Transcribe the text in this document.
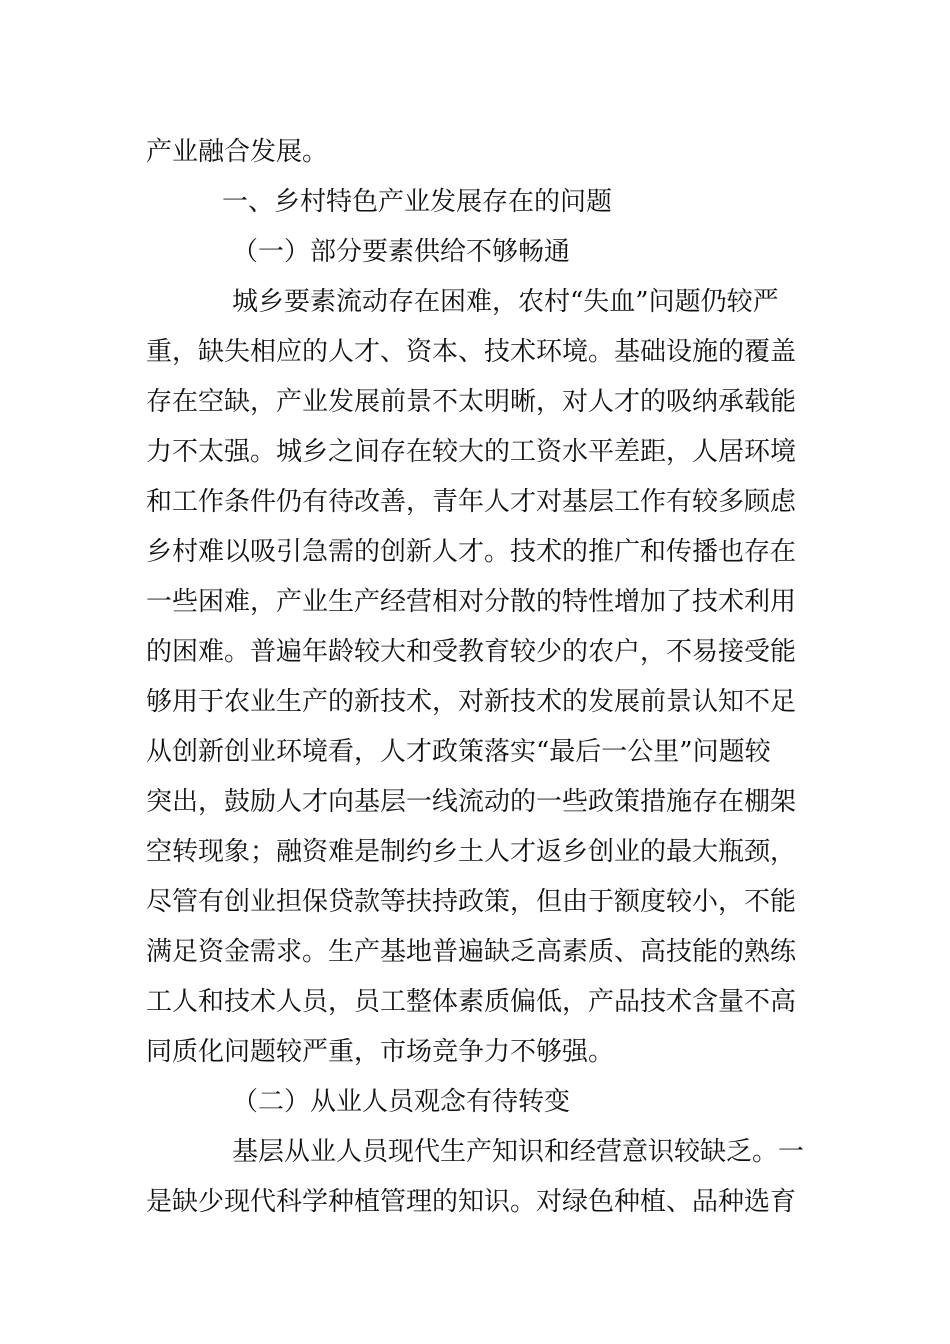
产业融合发展。
一、乡村特色产业发展存在的问题
（一）部分要素供给不够畅通
城乡要素流动存在困难，农村“失血”问题仍较严
重，缺失相应的人才、资本、技术环境。基础设施的覆盖
存在空缺，产业发展前景不太明晰，对人才的吸纳承载能
力不太强。城乡之间存在较大的工资水平差距，人居环境
和工作条件仍有待改善，青年人才对基层工作有较多顾虑
乡村难以吸引急需的创新人才。技术的推广和传播也存在
一些困难，产业生产经营相对分散的特性增加了技术利用
的困难。普遍年龄较大和受教育较少的农户，不易接受能
够用于农业生产的新技术，对新技术的发展前景认知不足
从创新创业环境看，人才政策落实“最后一公里”问题较
突出，鼓励人才向基层一线流动的一些政策措施存在棚架
空转现象；融资难是制约乡土人才返乡创业的最大瓶颈，
尽管有创业担保贷款等扶持政策，但由于额度较小，不能
满足资金需求。生产基地普遍缺乏高素质、高技能的熟练
工人和技术人员，员工整体素质偏低，产品技术含量不高
同质化问题较严重，市场竞争力不够强。
（二）从业人员观念有待转变
基层从业人员现代生产知识和经营意识较缺乏。一
是缺少现代科学种植管理的知识。对绿色种植、品种选育
